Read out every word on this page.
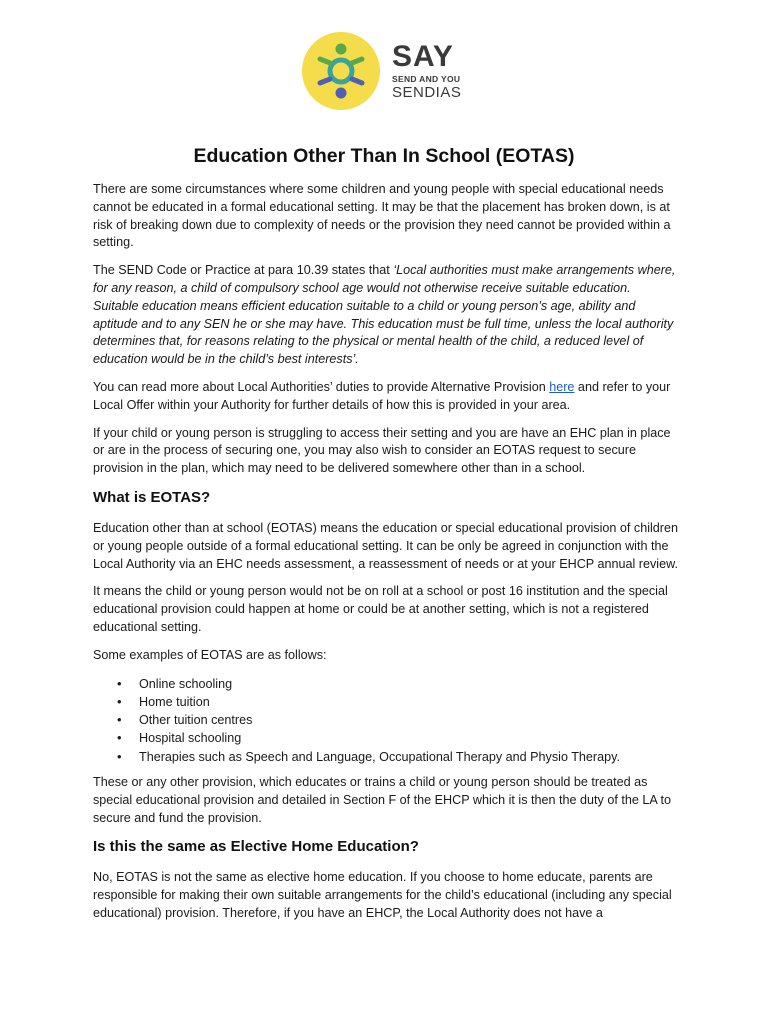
SAY
SEND AND YOU
SENDIAS
Education Other Than In School (EOTAS)

There are some circumstances where some children and young people with special educational needs cannot be educated in a formal educational setting. It may be that the placement has broken down, is at risk of breaking down due to complexity of needs or the provision they need cannot be provided within a setting.

The SEND Code or Practice at para 10.39 states that ‘Local authorities must make arrangements where, for any reason, a child of compulsory school age would not otherwise receive suitable education. Suitable education means efficient education suitable to a child or young person’s age, ability and aptitude and to any SEN he or she may have. This education must be full time, unless the local authority determines that, for reasons relating to the physical or mental health of the child, a reduced level of education would be in the child’s best interests’.

You can read more about Local Authorities’ duties to provide Alternative Provision here and refer to your Local Offer within your Authority for further details of how this is provided in your area.

If your child or young person is struggling to access their setting and you are have an EHC plan in place or are in the process of securing one, you may also wish to consider an EOTAS request to secure provision in the plan, which may need to be delivered somewhere other than in a school.

What is EOTAS?

Education other than at school (EOTAS) means the education or special educational provision of children or young people outside of a formal educational setting. It can be only be agreed in conjunction with the Local Authority via an EHC needs assessment, a reassessment of needs or at your EHCP annual review.

It means the child or young person would not be on roll at a school or post 16 institution and the special educational provision could happen at home or could be at another setting, which is not a registered educational setting.

Some examples of EOTAS are as follows:

• Online schooling
• Home tuition
• Other tuition centres
• Hospital schooling
• Therapies such as Speech and Language, Occupational Therapy and Physio Therapy.

These or any other provision, which educates or trains a child or young person should be treated as special educational provision and detailed in Section F of the EHCP which it is then the duty of the LA to secure and fund the provision.

Is this the same as Elective Home Education?

No, EOTAS is not the same as elective home education. If you choose to home educate, parents are responsible for making their own suitable arrangements for the child’s educational (including any special educational) provision. Therefore, if you have an EHCP, the Local Authority does not have a
